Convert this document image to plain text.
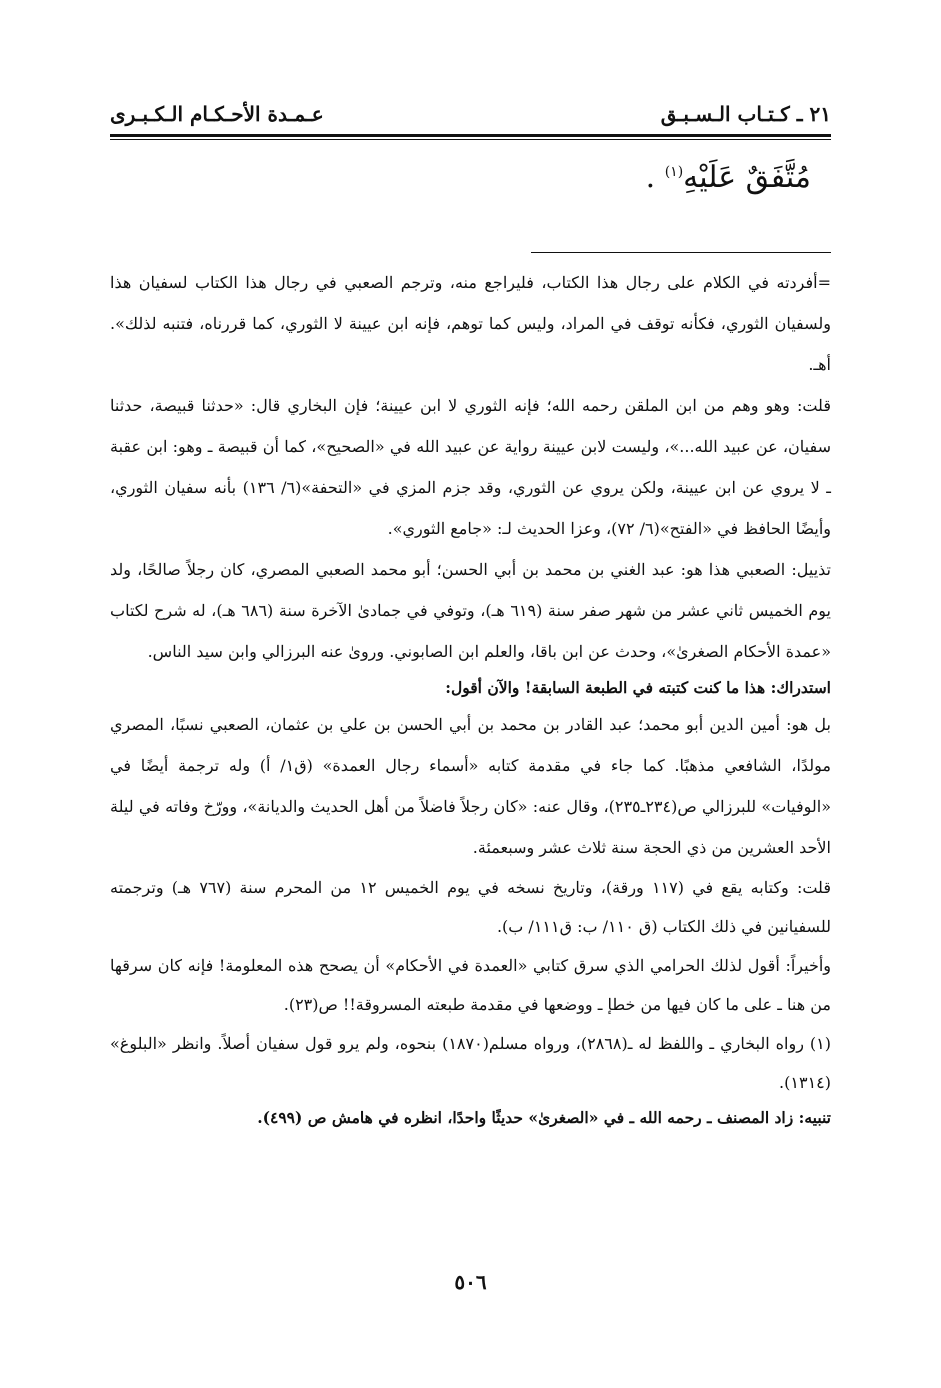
٢١ ـ كـتـاب الـسـبـق
عـمـدة الأحـكـام الـكـبـرى
مُتَّفَقٌ عَلَيْهِ$^{(١)}$ .

=أفردته في الكلام على رجال هذا الكتاب، فليراجع منه، وترجم الصعبي في رجال هذا الكتاب لسفيان هذا ولسفيان الثوري، فكأنه توقف في المراد، وليس كما توهم، فإنه ابن عيينة لا الثوري، كما قررناه، فتنبه لذلك». أهـ.

قلت: وهو وهم من ابن الملقن رحمه الله؛ فإنه الثوري لا ابن عيينة؛ فإن البخاري قال: «حدثنا قبيصة، حدثنا سفيان، عن عبيد الله...»، وليست لابن عيينة رواية عن عبيد الله في «الصحيح»، كما أن قبيصة ـ وهو: ابن عقبة ـ لا يروي عن ابن عيينة، ولكن يروي عن الثوري، وقد جزم المزي في «التحفة»(٦/ ١٣٦) بأنه سفيان الثوري، وأيضًا الحافظ في «الفتح»(٦/ ٧٢)، وعزا الحديث لـ: «جامع الثوري».

تذييل: الصعبي هذا هو: عبد الغني بن محمد بن أبي الحسن؛ أبو محمد الصعبي المصري، كان رجلاً صالحًا، ولد يوم الخميس ثاني عشر من شهر صفر سنة (٦١٩ هـ)، وتوفي في جمادىٰ الآخرة سنة (٦٨٦ هـ)، له شرح لكتاب «عمدة الأحكام الصغرىٰ»، وحدث عن ابن باقا، والعلم ابن الصابوني. وروىٰ عنه البرزالي وابن سيد الناس.

استدراك: هذا ما كنت كتبته في الطبعة السابقة! والآن أقول:

بل هو: أمين الدين أبو محمد؛ عبد القادر بن محمد بن أبي الحسن بن علي بن عثمان، الصعبي نسبًا، المصري مولدًا، الشافعي مذهبًا. كما جاء في مقدمة كتابه «أسماء رجال العمدة» (ق١/ أ) وله ترجمة أيضًا في «الوفيات» للبرزالي ص(٢٣٤ـ٢٣٥)، وقال عنه: «كان رجلاً فاضلاً من أهل الحديث والديانة»، وورّخ وفاته في ليلة الأحد العشرين من ذي الحجة سنة ثلاث عشر وسبعمئة.

قلت: وكتابه يقع في (١١٧ ورقة)، وتاريخ نسخه في يوم الخميس ١٢ من المحرم سنة (٧٦٧ هـ) وترجمته للسفيانين في ذلك الكتاب (ق ١١٠/ ب: ق١١١/ ب).

وأخيراً: أقول لذلك الحرامي الذي سرق كتابي «العمدة في الأحكام» أن يصحح هذه المعلومة! فإنه كان سرقها من هنا ـ على ما كان فيها من خطإ ـ ووضعها في مقدمة طبعته المسروقة!! ص(٢٣).

(١) رواه البخاري ـ واللفظ له ـ(٢٨٦٨)، ورواه مسلم(١٨٧٠) بنحوه، ولم يرو قول سفيان أصلاً. وانظر «البلوغ» (١٣١٤).

تنبيه: زاد المصنف ـ رحمه الله ـ في «الصغرىٰ» حديثًا واحدًا، انظره في هامش ص (٤٩٩).

٥٠٦
